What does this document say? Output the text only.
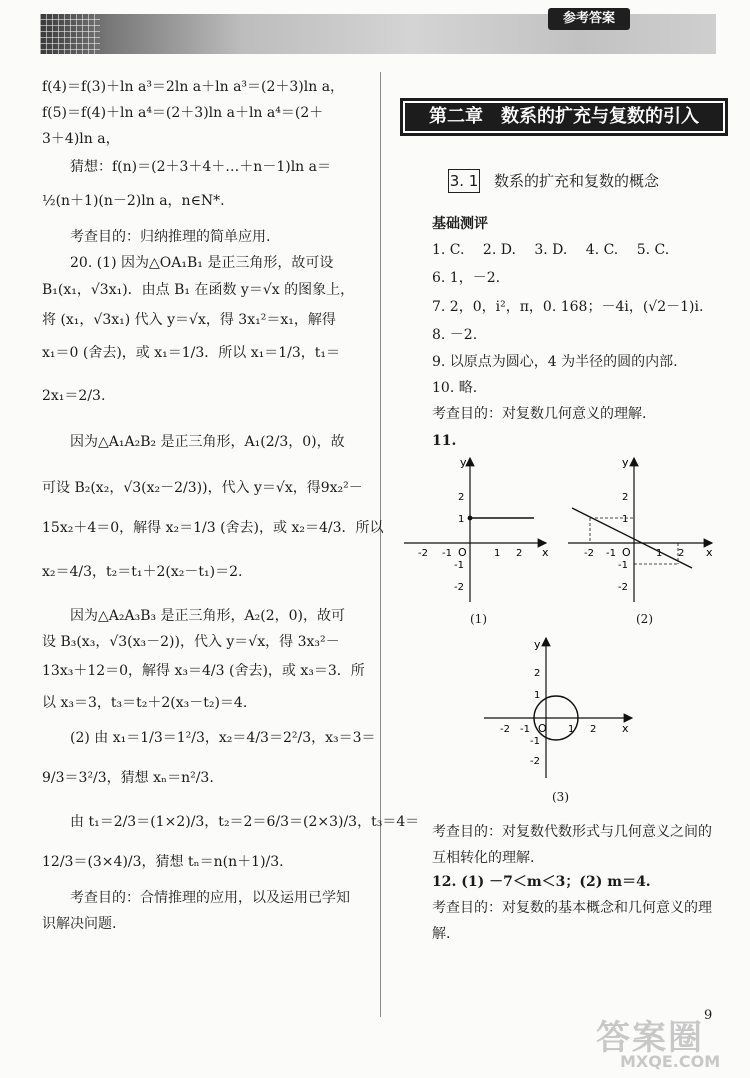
参考答案
f(4)＝f(3)＋ln a³＝2ln a＋ln a³＝(2＋3)ln a，
f(5)＝f(4)＋ln a⁴＝(2＋3)ln a＋ln a⁴＝(2＋
3＋4)ln a，
猜想：f(n)＝(2＋3＋4＋…＋n－1)ln a＝
½(n＋1)(n－2)ln a，n∈N*.
考查目的：归纳推理的简单应用.
20. (1) 因为△OA₁B₁ 是正三角形，故可设
B₁(x₁，√3x₁)．由点 B₁ 在函数 y＝√x 的图象上，
将 (x₁，√3x₁) 代入 y＝√x，得 3x₁²＝x₁，解得
x₁＝0 (舍去)，或 x₁＝1/3．所以 x₁＝1/3，t₁＝
2x₁＝2/3.
因为△A₁A₂B₂ 是正三角形，A₁(2/3，0)，故
可设 B₂(x₂，√3(x₂－2/3))，代入 y＝√x，得9x₂²－
15x₂＋4＝0，解得 x₂＝1/3 (舍去)，或 x₂＝4/3．所以
x₂＝4/3，t₂＝t₁＋2(x₂－t₁)＝2.
因为△A₂A₃B₃ 是正三角形，A₂(2，0)，故可
设 B₃(x₃，√3(x₃－2))，代入 y＝√x，得 3x₃²－
13x₃＋12＝0，解得 x₃＝4/3 (舍去)，或 x₃＝3．所
以 x₃＝3，t₃＝t₂＋2(x₃－t₂)＝4.
(2) 由 x₁＝1/3＝1²/3，x₂＝4/3＝2²/3，x₃＝3＝
9/3＝3²/3，猜想 xₙ＝n²/3.
由 t₁＝2/3＝(1×2)/3，t₂＝2＝6/3＝(2×3)/3，t₃＝4＝
12/3＝(3×4)/3，猜想 tₙ＝n(n＋1)/3.
考查目的：合情推理的应用，以及运用已学知
识解决问题.
第二章　数系的扩充与复数的引入
3. 1 数系的扩充和复数的概念
基础测评
1. C.　 2. D.　 3. D.　 4. C.　 5. C.
6. 1，－2.
7. 2，0，i²，π，0. 168；－4i，(√2－1)i.
8. －2.
9. 以原点为圆心，4 为半径的圆的内部.
10. 略.
考查目的：对复数几何意义的理解.
11.
y
x
O
-2 -1	1 2
2
1
-1
-2
(1)
y
x
O
-2 -1	1 2
2
1
-1
-2
(2)
y
x
O
-2 -1	1 2
2
1
-1
-2
(3)
考查目的：对复数代数形式与几何意义之间的
互相转化的理解.
12. (1) －7＜m＜3；(2) m＝4.
考查目的：对复数的基本概念和几何意义的理
解.
答案圈
MXQE.COM
9
